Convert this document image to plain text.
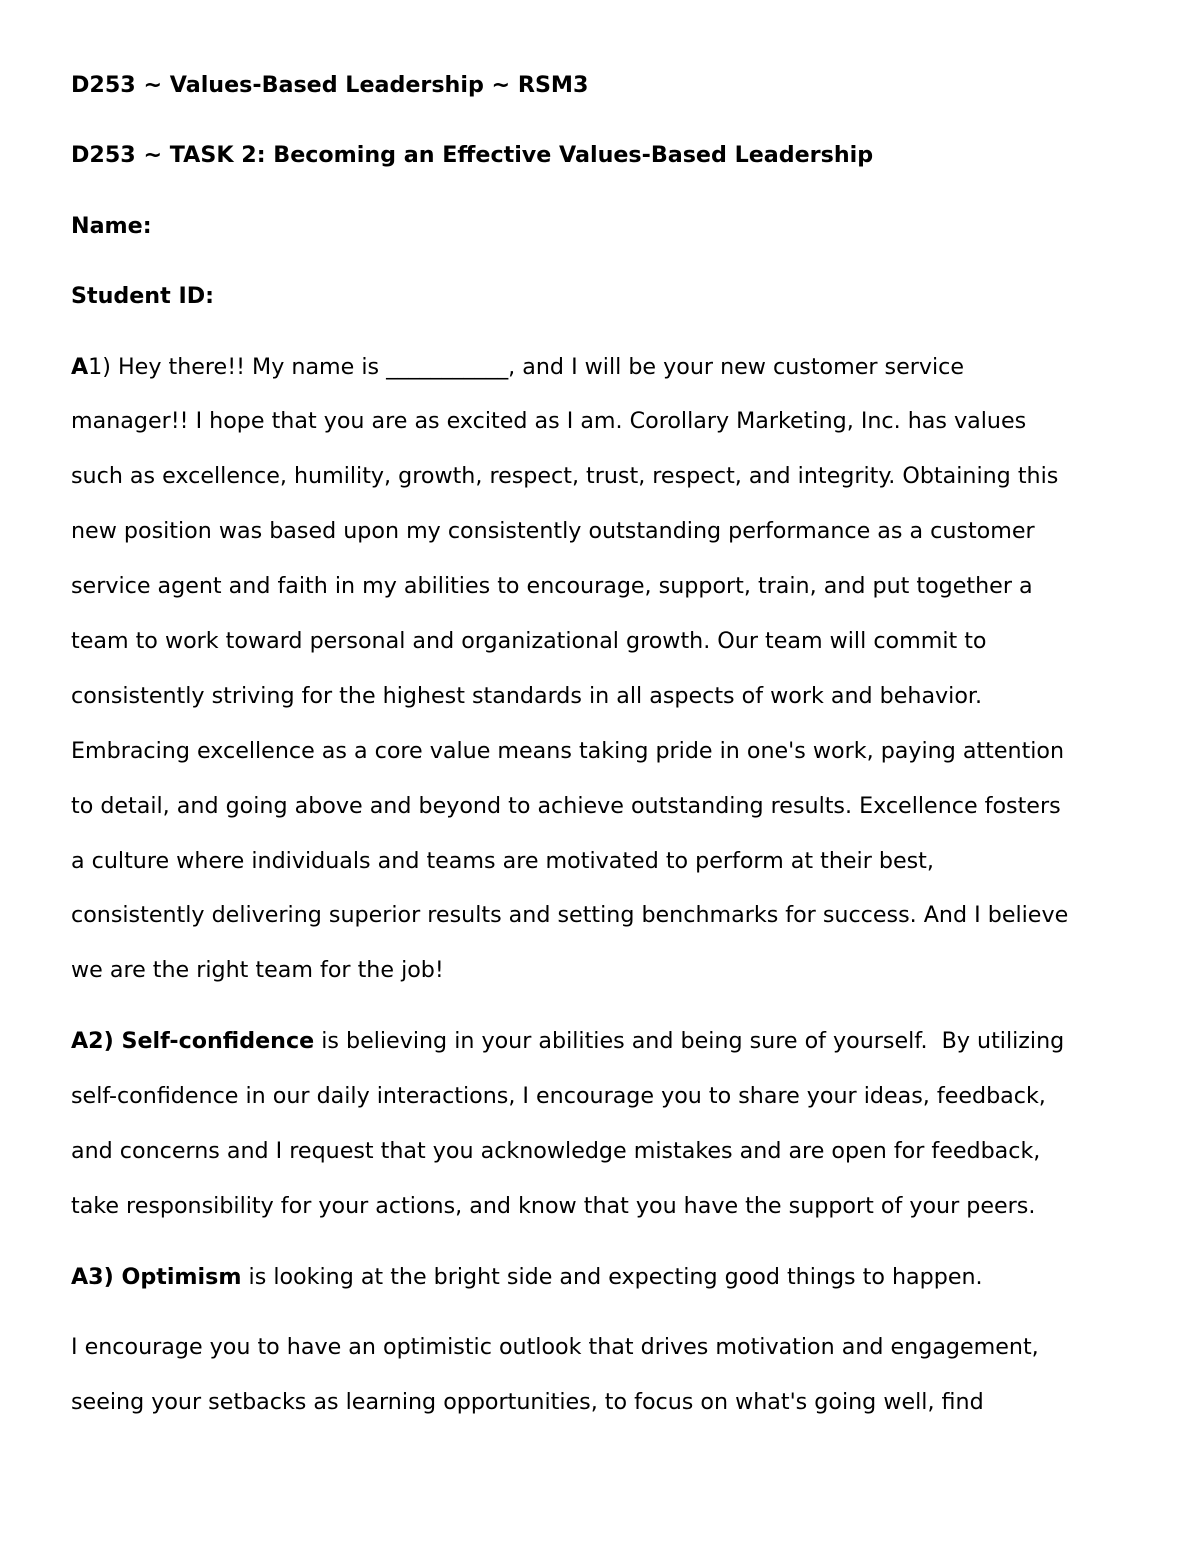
D253 ~ Values-Based Leadership ~ RSM3
D253 ~ TASK 2: Becoming an Effective Values-Based Leadership
Name:
Student ID:
A1) Hey there!! My name is ___________, and I will be your new customer service
manager!! I hope that you are as excited as I am. Corollary Marketing, Inc. has values
such as excellence, humility, growth, respect, trust, respect, and integrity. Obtaining this
new position was based upon my consistently outstanding performance as a customer
service agent and faith in my abilities to encourage, support, train, and put together a
team to work toward personal and organizational growth. Our team will commit to
consistently striving for the highest standards in all aspects of work and behavior.
Embracing excellence as a core value means taking pride in one's work, paying attention
to detail, and going above and beyond to achieve outstanding results. Excellence fosters
a culture where individuals and teams are motivated to perform at their best,
consistently delivering superior results and setting benchmarks for success. And I believe
we are the right team for the job!
A2) Self-confidence is believing in your abilities and being sure of yourself.  By utilizing
self-confidence in our daily interactions, I encourage you to share your ideas, feedback,
and concerns and I request that you acknowledge mistakes and are open for feedback,
take responsibility for your actions, and know that you have the support of your peers.
A3) Optimism is looking at the bright side and expecting good things to happen.
I encourage you to have an optimistic outlook that drives motivation and engagement,
seeing your setbacks as learning opportunities, to focus on what's going well, find
